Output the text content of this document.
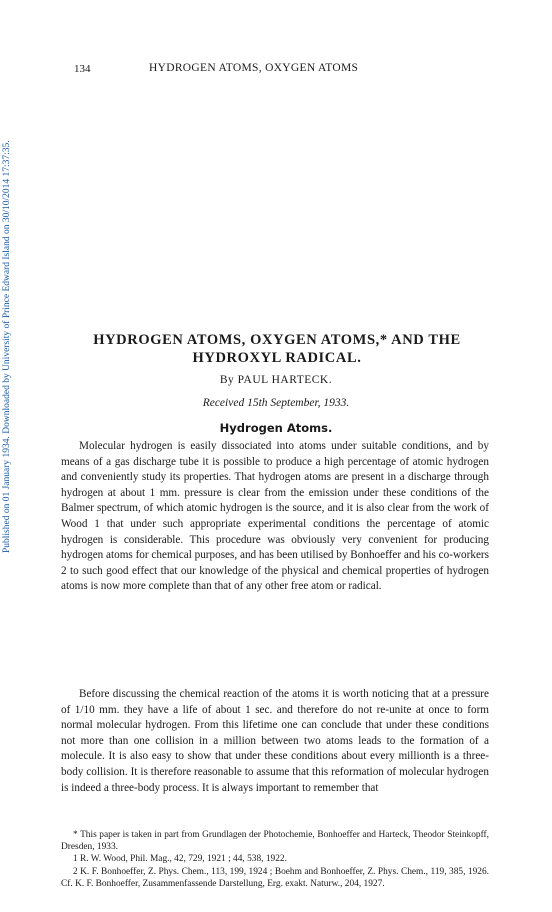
134	HYDROGEN ATOMS, OXYGEN ATOMS
Published on 01 January 1934. Downloaded by University of Prince Edward Island on 30/10/2014 17:37:35.	HYDROGEN ATOMS, OXYGEN ATOMS,* AND THE HYDROXYL RADICAL.
By PAUL HARTECK.
Received 15th September, 1933.
Hydrogen Atoms.

Molecular hydrogen is easily dissociated into atoms under suitable conditions, and by means of a gas discharge tube it is possible to produce a high percentage of atomic hydrogen and conveniently study its properties. That hydrogen atoms are present in a discharge through hydrogen at about 1 mm. pressure is clear from the emission under these conditions of the Balmer spectrum, of which atomic hydrogen is the source, and it is also clear from the work of Wood 1 that under such appropriate experimental conditions the percentage of atomic hydrogen is considerable. This procedure was obviously very convenient for producing hydrogen atoms for chemical purposes, and has been utilised by Bonhoeffer and his co-workers 2 to such good effect that our knowledge of the physical and chemical properties of hydrogen atoms is now more complete than that of any other free atom or radical.

Before discussing the chemical reaction of the atoms it is worth noticing that at a pressure of 1/10 mm. they have a life of about 1 sec. and therefore do not re-unite at once to form normal molecular hydrogen. From this lifetime one can conclude that under these conditions not more than one collision in a million between two atoms leads to the formation of a molecule. It is also easy to show that under these conditions about every millionth is a three-body collision. It is therefore reasonable to assume that this reformation of molecular hydrogen is indeed a three-body process. It is always important to remember that

* This paper is taken in part from Grundlagen der Photochemie, Bonhoeffer and Harteck, Theodor Steinkopff, Dresden, 1933.

1 R. W. Wood, Phil. Mag., 42, 729, 1921 ; 44, 538, 1922.

2 K. F. Bonhoeffer, Z. Phys. Chem., 113, 199, 1924 ; Boehm and Bonhoeffer, Z. Phys. Chem., 119, 385, 1926. Cf. K. F. Bonhoeffer, Zusammenfassende Darstellung, Erg. exakt. Naturw., 204, 1927.
